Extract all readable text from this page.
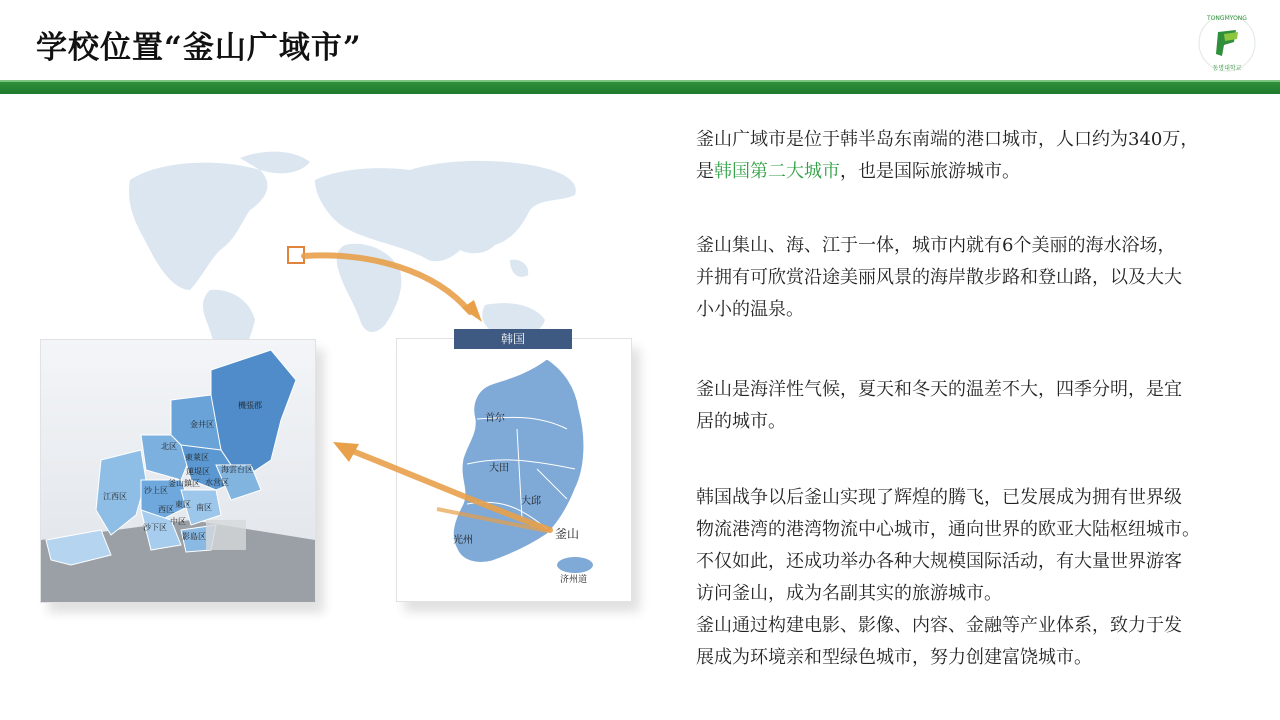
学校位置“釜山广域市”
TONGMYONG
동명대학교
金井区
機張郡
北区
東萊区
蓮堤区 海雲台区
釜山鎮区 水営区
沙上区
江西区
東区 南区
西区
中区
沙下区
影島区
首尔
大田
大邱
光州	釜山
济州道
韩国
釜山广域市是位于韩半岛东南端的港口城市，人口约为340万，
是韩国第二大城市，也是国际旅游城市。
釜山集山、海、江于一体，城市内就有6个美丽的海水浴场，
并拥有可欣赏沿途美丽风景的海岸散步路和登山路，以及大大
小小的温泉。
釜山是海洋性气候，夏天和冬天的温差不大，四季分明，是宜
居的城市。
韩国战争以后釜山实现了辉煌的腾飞，已发展成为拥有世界级
物流港湾的港湾物流中心城市，通向世界的欧亚大陆枢纽城市。
不仅如此，还成功举办各种大规模国际活动，有大量世界游客
访问釜山，成为名副其实的旅游城市。
釜山通过构建电影、影像、内容、金融等产业体系，致力于发
展成为环境亲和型绿色城市，努力创建富饶城市。
